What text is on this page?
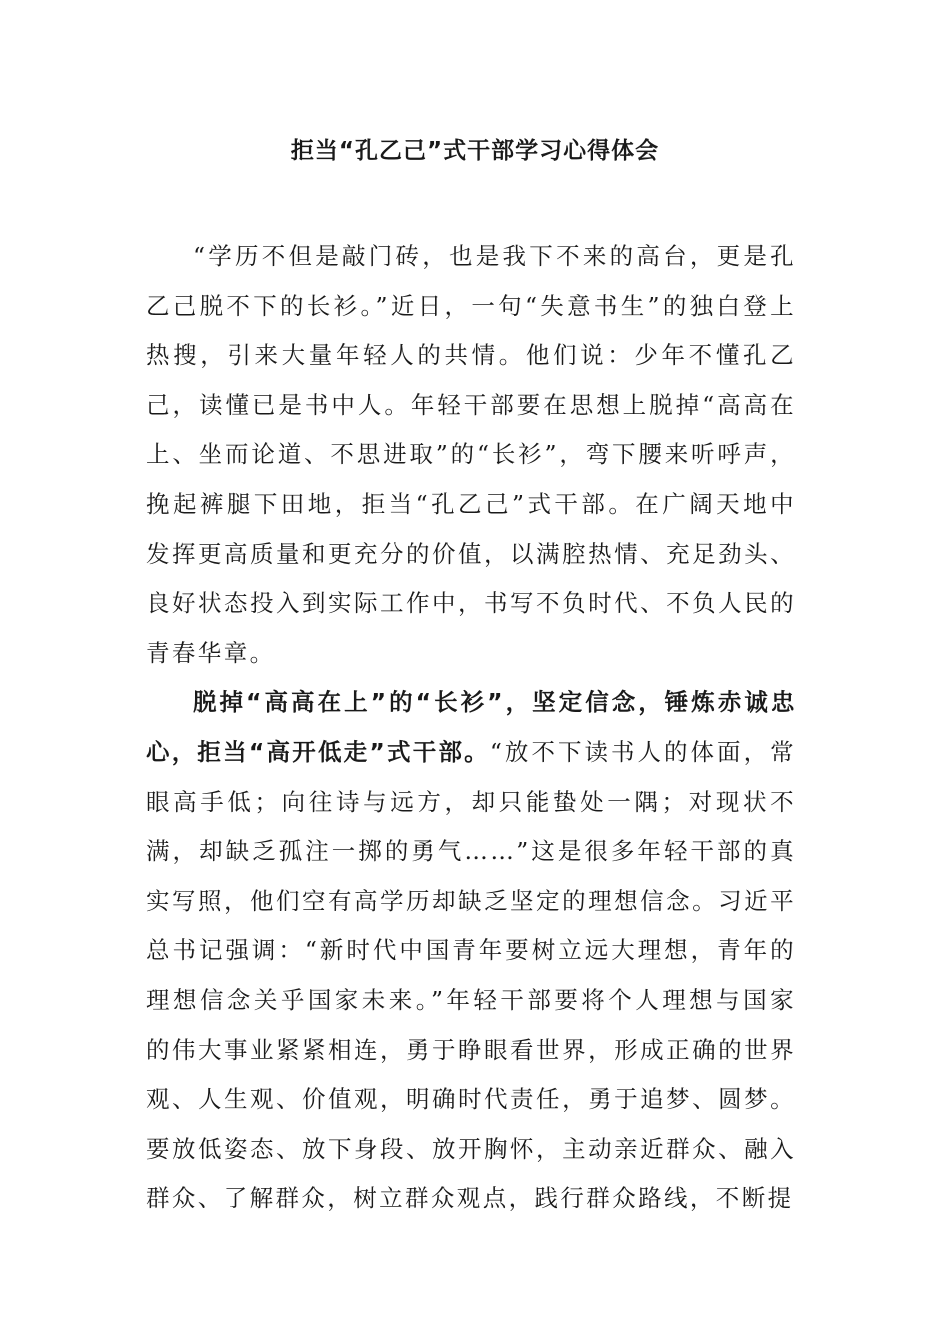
拒当“孔乙己”式干部学习心得体会

“学历不但是敲门砖，也是我下不来的高台，更是孔乙己脱不下的长衫。”近日，一句“失意书生”的独白登上热搜，引来大量年轻人的共情。他们说：少年不懂孔乙己，读懂已是书中人。年轻干部要在思想上脱掉“高高在上、坐而论道、不思进取”的“长衫”，弯下腰来听呼声，挽起裤腿下田地，拒当“孔乙己”式干部。在广阔天地中发挥更高质量和更充分的价值，以满腔热情、充足劲头、良好状态投入到实际工作中，书写不负时代、不负人民的青春华章。

脱掉“高高在上”的“长衫”，坚定信念，锤炼赤诚忠心，拒当“高开低走”式干部。“放不下读书人的体面，常眼高手低；向往诗与远方，却只能蛰处一隅；对现状不满，却缺乏孤注一掷的勇气……”这是很多年轻干部的真实写照，他们空有高学历却缺乏坚定的理想信念。习近平总书记强调：“新时代中国青年要树立远大理想，青年的理想信念关乎国家未来。”年轻干部要将个人理想与国家的伟大事业紧紧相连，勇于睁眼看世界，形成正确的世界观、人生观、价值观，明确时代责任，勇于追梦、圆梦。要放低姿态、放下身段、放开胸怀，主动亲近群众、融入群众、了解群众，树立群众观点，践行群众路线，不断提
